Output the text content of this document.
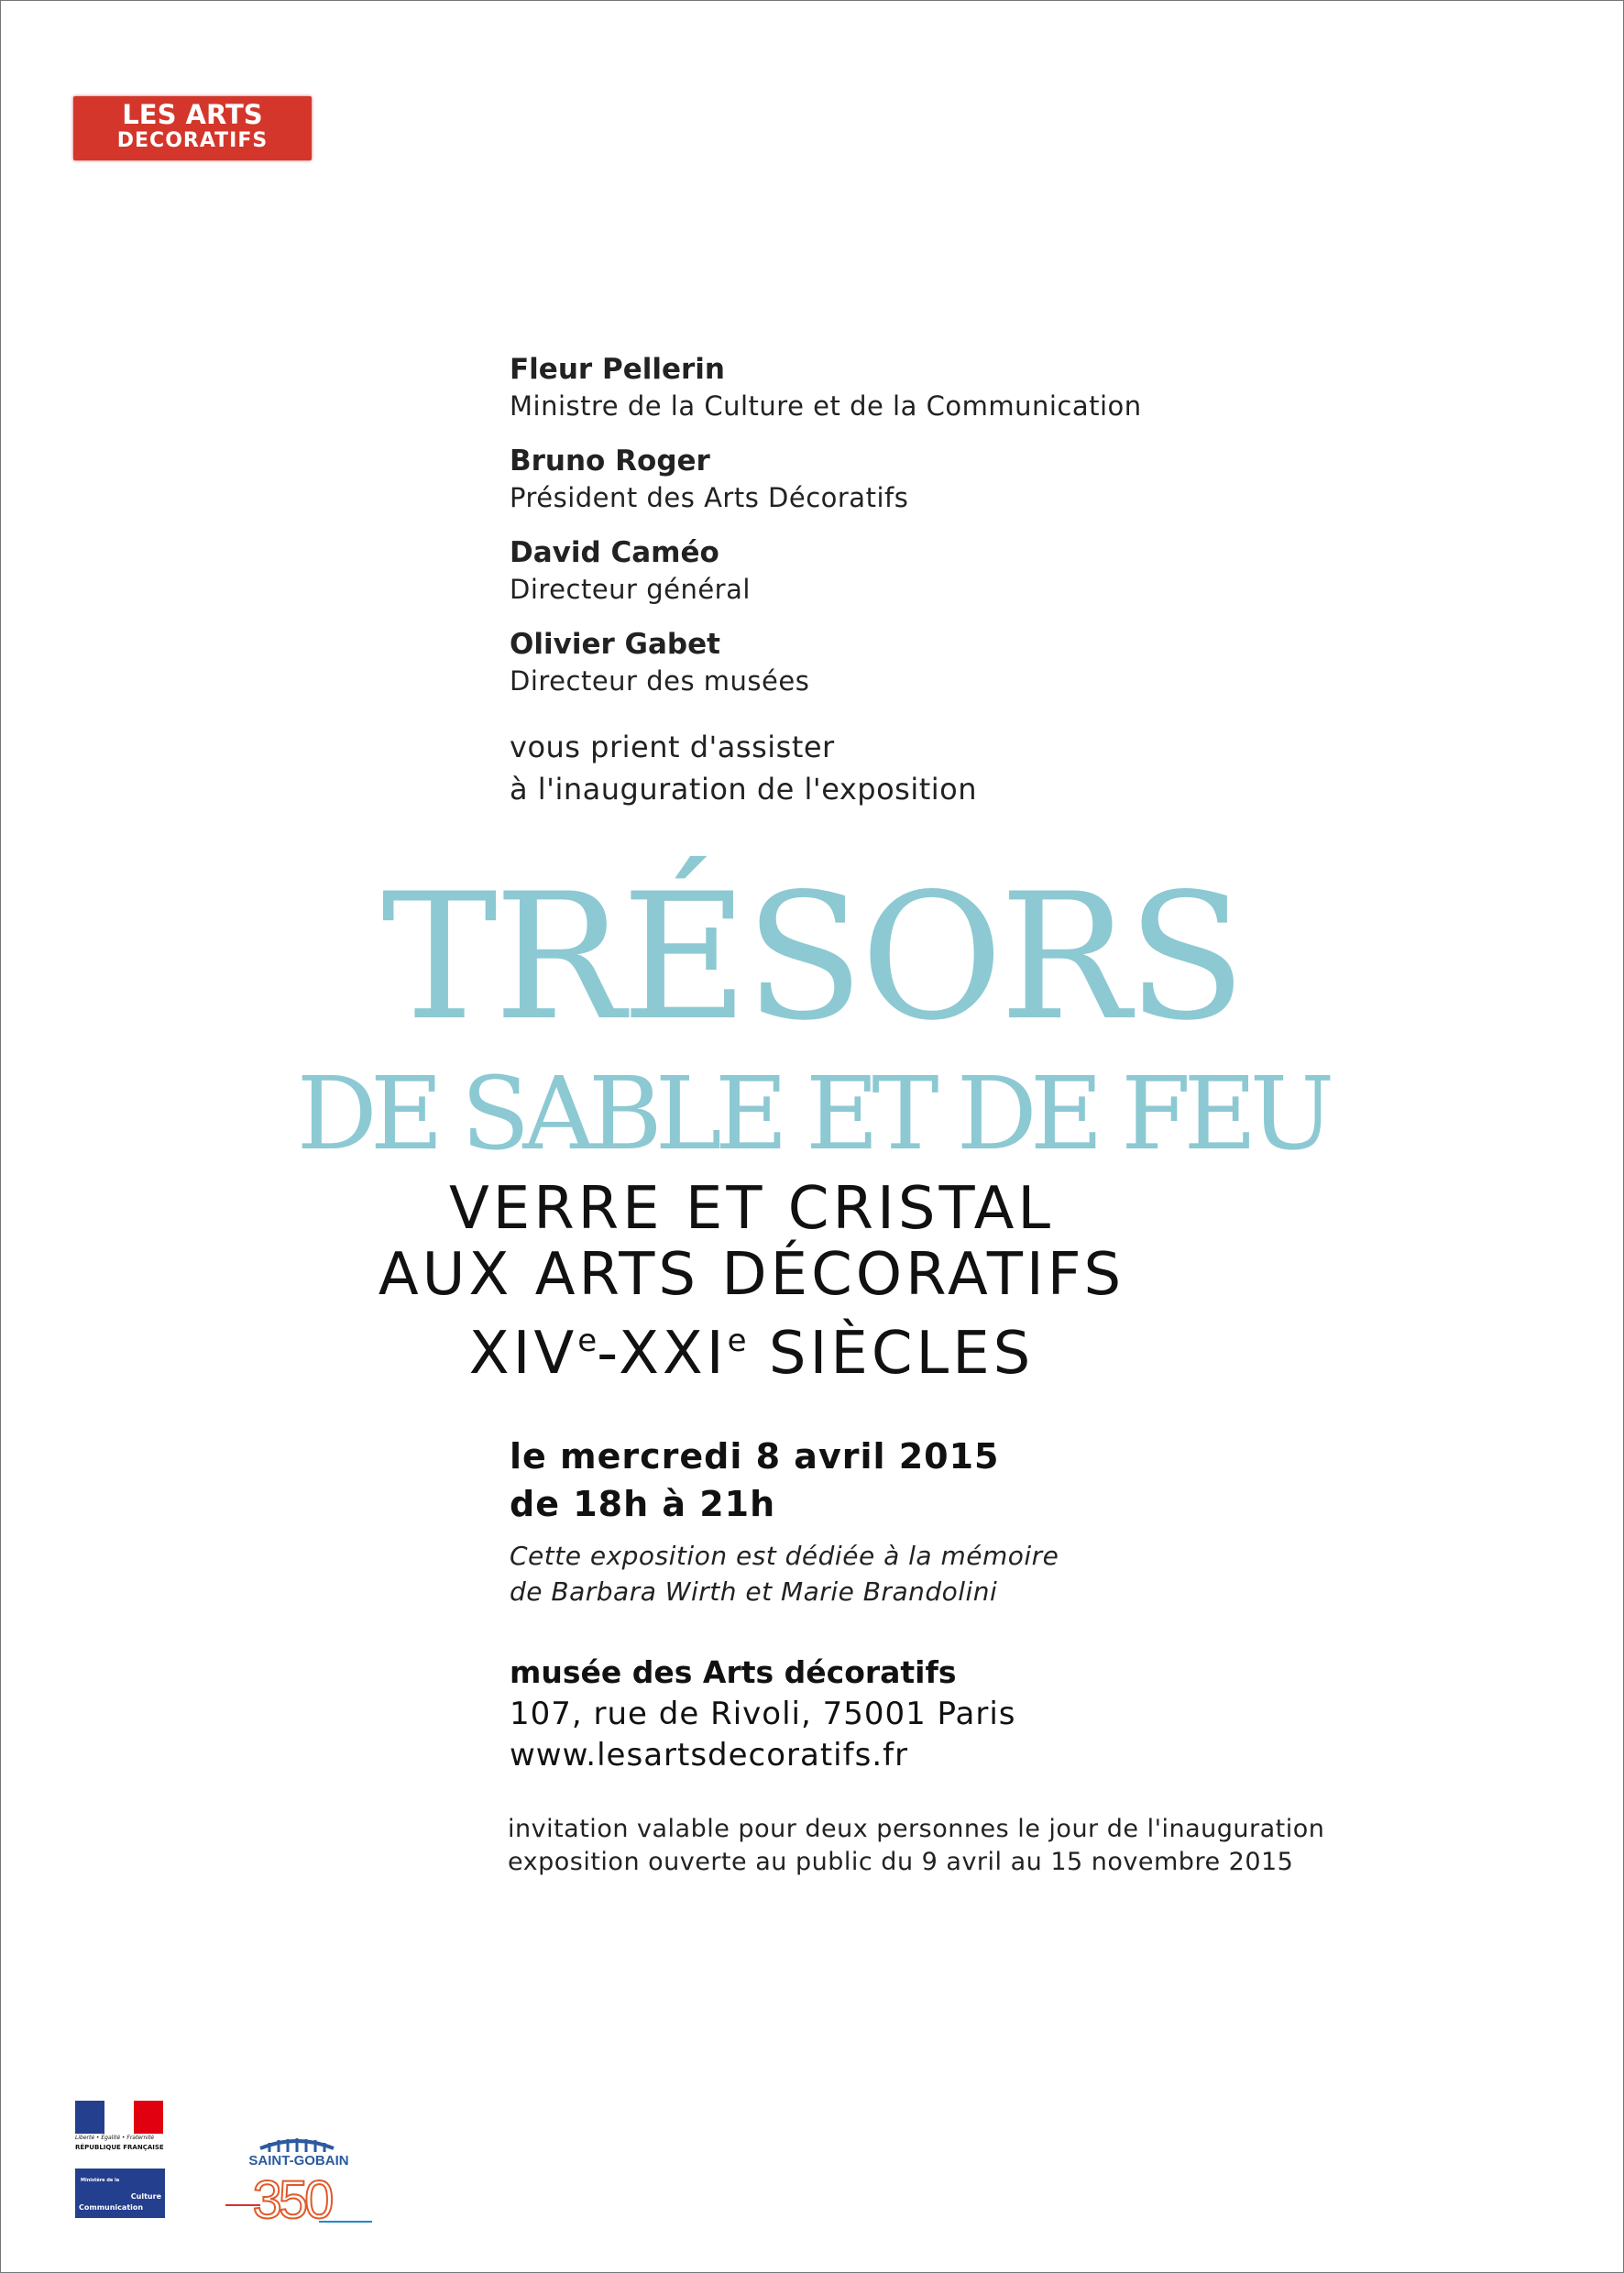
LES ARTS
DECORATIFS
Fleur Pellerin
Ministre de la Culture et de la Communication
Bruno Roger
Président des Arts Décoratifs
David Caméo
Directeur général
Olivier Gabet
Directeur des musées
vous prient d'assister
à l'inauguration de l'exposition
TRÉSORS
DE SABLE ET DE FEU
VERRE ET CRISTAL
AUX ARTS DÉCORATIFS
XIVe-XXIe SIÈCLES
le mercredi 8 avril 2015
de 18h à 21h
Cette exposition est dédiée à la mémoire
de Barbara Wirth et Marie Brandolini
musée des Arts décoratifs
107, rue de Rivoli, 75001 Paris
www.lesartsdecoratifs.fr
invitation valable pour deux personnes le jour de l'inauguration
exposition ouverte au public du 9 avril au 15 novembre 2015
Liberté • Égalité • Fraternité
RÉPUBLIQUE FRANÇAISE
Ministère de la
Culture
Communication
SAINT-GOBAIN
350
